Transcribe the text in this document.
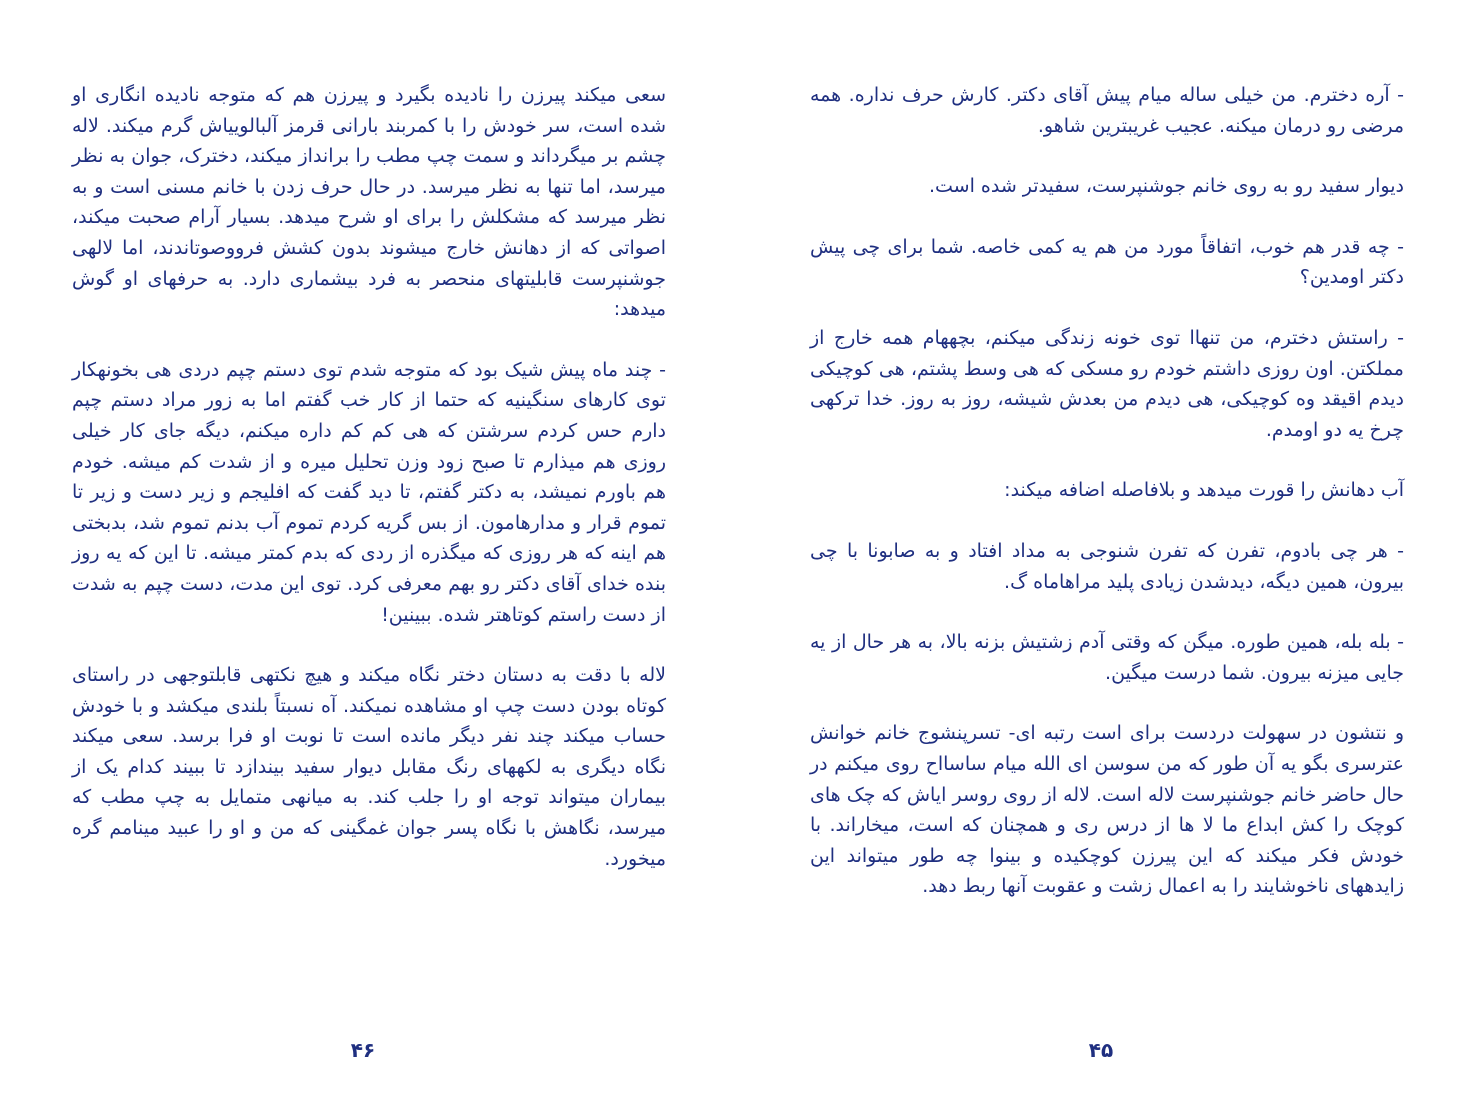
سعی میکند پیرزن را نادیده بگیرد و پیرزن هم که متوجه نادیده انگاری او شده است، سر خودش را با کمربند بارانی قرمز آلبالوییاش گرم میکند. لاله چشم بر میگرداند و سمت چپ مطب را برانداز میکند، دخترک، جوان به نظر میرسد، اما تنها به نظر میرسد. در حال حرف زدن با خانم مسنی است و به نظر میرسد که مشکلش را برای او شرح میدهد. بسیار آرام صحبت میکند، اصواتی که از دهانش خارج میشوند بدون کشش فرووصوتاندند، اما لالهی جوشنپرست قابلیتهای منحصر به فرد بیشماری دارد. به حرفهای او گوش میدهد:

- چند ماه پیش شیک بود که متوجه شدم توی دستم چپم دردی هی بخونهکار توی کارهای سنگینیه که حتما از کار خب گفتم اما به زور مراد دستم چپم دارم حس کردم سرشتن که هی کم کم داره میکنم، دیگه جای کار خیلی روزی هم میذارم تا صبح زود وزن تحلیل میره و از شدت کم میشه. خودم هم باورم نمیشد، به دکتر گفتم، تا دید گفت که افلیجم و زیر دست و زیر تا تموم قرار و مدارهامون. از بس گریه کردم تموم آب بدنم تموم شد، بدبختی هم اینه که هر روزی که میگذره از ردی که بدم کمتر میشه. تا این که یه روز بنده خدای آقای دکتر رو بهم معرفی کرد. توی این مدت، دست چپم به شدت از دست راستم کوتاهتر شده. ببینین!

لاله با دقت به دستان دختر نگاه میکند و هیچ نکتهی قابلتوجهی در راستای کوتاه بودن دست چپ او مشاهده نمیکند. آه نسبتاً بلندی میکشد و با خودش حساب میکند چند نفر دیگر مانده است تا نوبت او فرا برسد. سعی میکند نگاه دیگری به لکههای رنگ مقابل دیوار سفید بیندازد تا ببیند کدام یک از بیماران میتواند توجه او را جلب کند. به میانهی متمایل به چپ مطب که میرسد، نگاهش با نگاه پسر جوان غمگینی که من و او را عبید مینامم گره میخورد.

۴۶

- آره دخترم. من خیلی ساله میام پیش آقای دکتر. کارش حرف نداره. همه مرضی رو درمان میکنه. عجیب غریبترین شاهو.

دیوار سفید رو به روی خانم جوشنپرست، سفیدتر شده است.

- چه قدر هم خوب، اتفاقاً مورد من هم یه کمی خاصه. شما برای چی پیش دکتر اومدین؟

- راستش دخترم، من تنهاا توی خونه زندگی میکنم، بچههام همه خارج از مملکتن. اون روزی داشتم خودم رو مسکی که هی وسط پشتم، هی کوچیکی دیدم اقیقد وه کوچیکی، هی دیدم من بعدش شیشه، روز به روز. خدا ترکهی چرخ یه دو اومدم.

آب دهانش را قورت میدهد و بلافاصله اضافه میکند:

- هر چی بادوم، تفرن که تفرن شنوجی به مداد افتاد و به صابونا با چی بیرون، همین دیگه، دیدشدن زیادی پلید مراهاماه گ.

- بله بله، همین طوره. میگن که وقتی آدم زشتیش بزنه بالا، به هر حال از یه جایی میزنه بیرون. شما درست میگین.

و نتشون در سهولت دردست برای است رتبه ای- تسرپنشوج خانم خوانش عترسری بگو یه آن طور که من سوسن ای الله میام ساسااح روی میکنم در حال حاضر خانم جوشنپرست لاله است. لاله از روی روسر ایاش که چک های کوچک را کش ابداع ما لا ها از درس ری و همچنان که است، میخاراند. با خودش فکر میکند که این پیرزن کوچکیده و بینوا چه طور میتواند این زایدههای ناخوشایند را به اعمال زشت و عقوبت آنها ربط دهد.

۴۵
